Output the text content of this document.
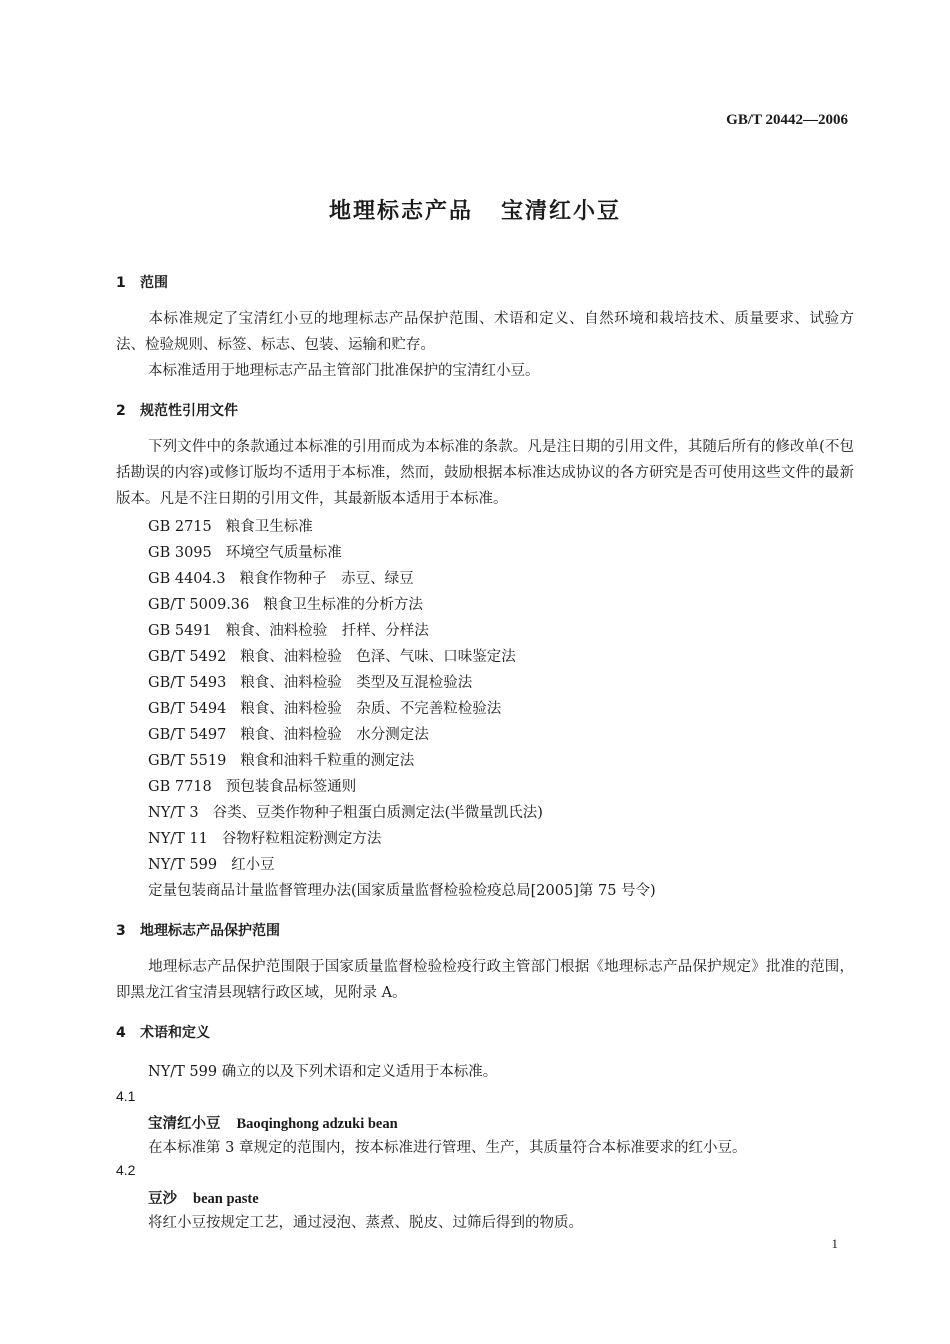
GB/T 20442—2006
地理标志产品 宝清红小豆
1 范围
本标准规定了宝清红小豆的地理标志产品保护范围、术语和定义、自然环境和栽培技术、质量要求、试验方法、检验规则、标签、标志、包装、运输和贮存。
本标准适用于地理标志产品主管部门批准保护的宝清红小豆。
2 规范性引用文件
下列文件中的条款通过本标准的引用而成为本标准的条款。凡是注日期的引用文件，其随后所有的修改单(不包括勘误的内容)或修订版均不适用于本标准，然而，鼓励根据本标准达成协议的各方研究是否可使用这些文件的最新版本。凡是不注日期的引用文件，其最新版本适用于本标准。
GB 2715 粮食卫生标准
GB 3095 环境空气质量标准
GB 4404.3 粮食作物种子　赤豆、绿豆
GB/T 5009.36 粮食卫生标准的分析方法
GB 5491 粮食、油料检验　扦样、分样法
GB/T 5492 粮食、油料检验　色泽、气味、口味鉴定法
GB/T 5493 粮食、油料检验　类型及互混检验法
GB/T 5494 粮食、油料检验　杂质、不完善粒检验法
GB/T 5497 粮食、油料检验　水分测定法
GB/T 5519 粮食和油料千粒重的测定法
GB 7718 预包装食品标签通则
NY/T 3 谷类、豆类作物种子粗蛋白质测定法(半微量凯氏法)
NY/T 11 谷物籽粒粗淀粉测定方法
NY/T 599 红小豆
定量包装商品计量监督管理办法(国家质量监督检验检疫总局[2005]第 75 号令)
3 地理标志产品保护范围
地理标志产品保护范围限于国家质量监督检验检疫行政主管部门根据《地理标志产品保护规定》批准的范围，即黑龙江省宝清县现辖行政区域，见附录 A。
4 术语和定义
NY/T 599 确立的以及下列术语和定义适用于本标准。
4.1
宝清红小豆 Baoqinghong adzuki bean
在本标准第 3 章规定的范围内，按本标准进行管理、生产，其质量符合本标准要求的红小豆。
4.2
豆沙 bean paste
将红小豆按规定工艺，通过浸泡、蒸煮、脱皮、过筛后得到的物质。
1
